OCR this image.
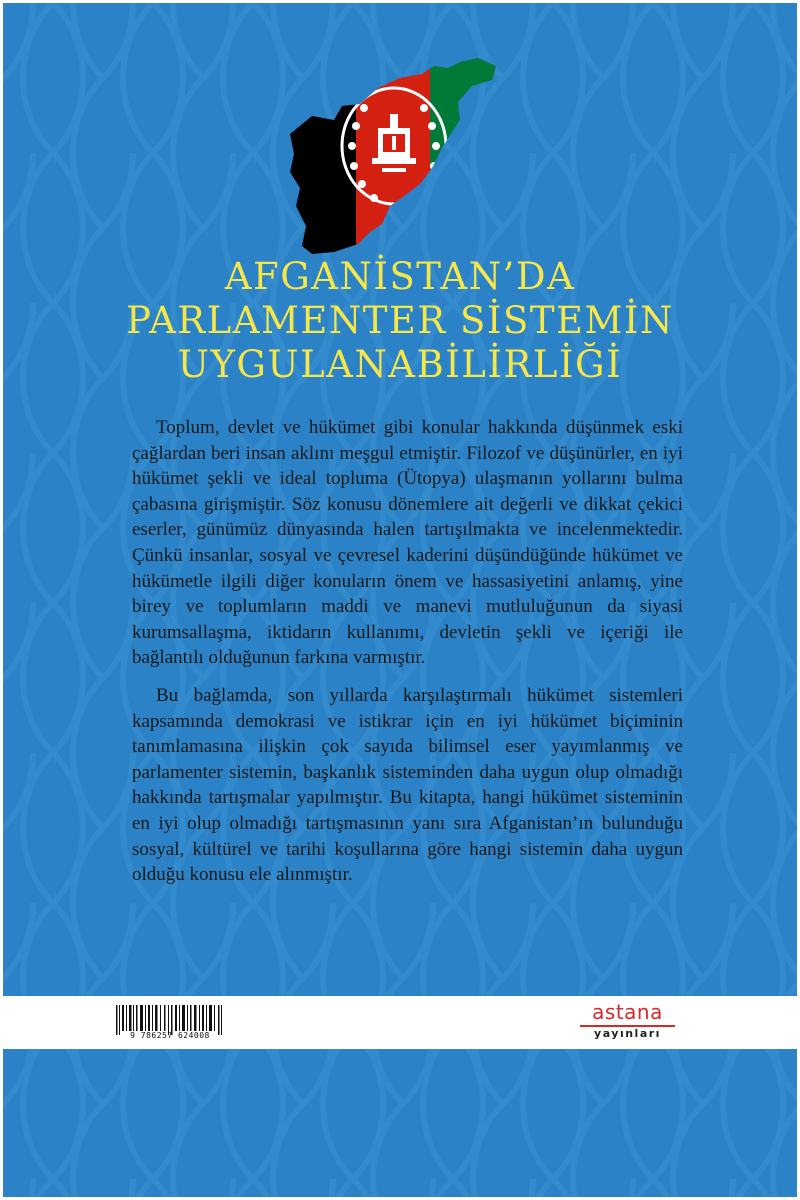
AFGANİSTAN’DA
PARLAMENTER SİSTEMİN
UYGULANABİLİRLİĞİ

Toplum, devlet ve hükümet gibi konular hakkında düşünmek eski çağlardan beri insan aklını meşgul etmiştir. Filozof ve düşünürler, en iyi hükümet şekli ve ideal topluma (Ütopya) ulaşmanın yollarını bulma çabasına girişmiştir. Söz konusu dönemlere ait değerli ve dikkat çekici eserler, günümüz dünyasında halen tartışılmakta ve incelenmektedir. Çünkü insanlar, sosyal ve çevresel kaderini düşündüğünde hükümet ve hükümetle ilgili diğer konuların önem ve hassasiyetini anlamış, yine birey ve toplumların maddi ve manevi mutluluğunun da siyasi kurumsallaşma, iktidarın kullanımı, devletin şekli ve içeriği ile bağlantılı olduğunun farkına varmıştır.

Bu bağlamda, son yıllarda karşılaştırmalı hükümet sistemleri kapsamında demokrasi ve istikrar için en iyi hükümet biçiminin tanımlamasına ilişkin çok sayıda bilimsel eser yayımlanmış ve parlamenter sistemin, başkanlık sisteminden daha uygun olup olmadığı hakkında tartışmalar yapılmıştır. Bu kitapta, hangi hükümet sisteminin en iyi olup olmadığı tartışmasının yanı sıra Afganistan’ın bulunduğu sosyal, kültürel ve tarihi koşullarına göre hangi sistemin daha uygun olduğu konusu ele alınmıştır.

9 786257 624008
astana
yayınları
